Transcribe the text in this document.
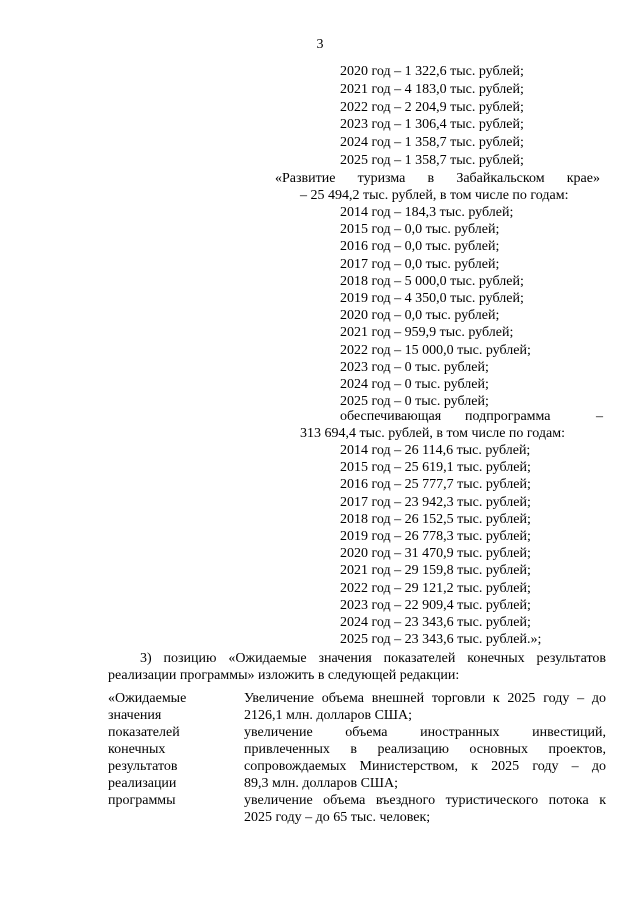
3
2020 год – 1 322,6 тыс. рублей;
2021 год – 4 183,0 тыс. рублей;
2022 год – 2 204,9 тыс. рублей;
2023 год – 1 306,4 тыс. рублей;
2024 год – 1 358,7 тыс. рублей;
2025 год – 1 358,7 тыс. рублей;
«Развитие туризма в Забайкальском крае»
– 25 494,2 тыс. рублей, в том числе по годам:
2014 год – 184,3 тыс. рублей;
2015 год – 0,0 тыс. рублей;
2016 год – 0,0 тыс. рублей;
2017 год – 0,0 тыс. рублей;
2018 год – 5 000,0 тыс. рублей;
2019 год – 4 350,0 тыс. рублей;
2020 год – 0,0 тыс. рублей;
2021 год – 959,9 тыс. рублей;
2022 год – 15 000,0 тыс. рублей;
2023 год – 0 тыс. рублей;
2024 год – 0 тыс. рублей;
2025 год – 0 тыс. рублей;
обеспечивающая подпрограмма	–
313 694,4 тыс. рублей, в том числе по годам:
2014 год – 26 114,6 тыс. рублей;
2015 год – 25 619,1 тыс. рублей;
2016 год – 25 777,7 тыс. рублей;
2017 год – 23 942,3 тыс. рублей;
2018 год – 26 152,5 тыс. рублей;
2019 год – 26 778,3 тыс. рублей;
2020 год – 31 470,9 тыс. рублей;
2021 год – 29 159,8 тыс. рублей;
2022 год – 29 121,2 тыс. рублей;
2023 год – 22 909,4 тыс. рублей;
2024 год – 23 343,6 тыс. рублей;
2025 год – 23 343,6 тыс. рублей.»;
3) позицию «Ожидаемые значения показателей конечных результатов
реализации программы» изложить в следующей редакции:
«Ожидаемые
значения
показателей
конечных
результатов
реализации
программы
Увеличение объема внешней торговли к 2025 году – до
2126,1 млн. долларов США;
увеличение объема иностранных инвестиций,
привлеченных в реализацию основных проектов,
сопровождаемых Министерством, к 2025 году – до
89,3 млн. долларов США;
увеличение объема въездного туристического потока к
2025 году – до 65 тыс. человек;
